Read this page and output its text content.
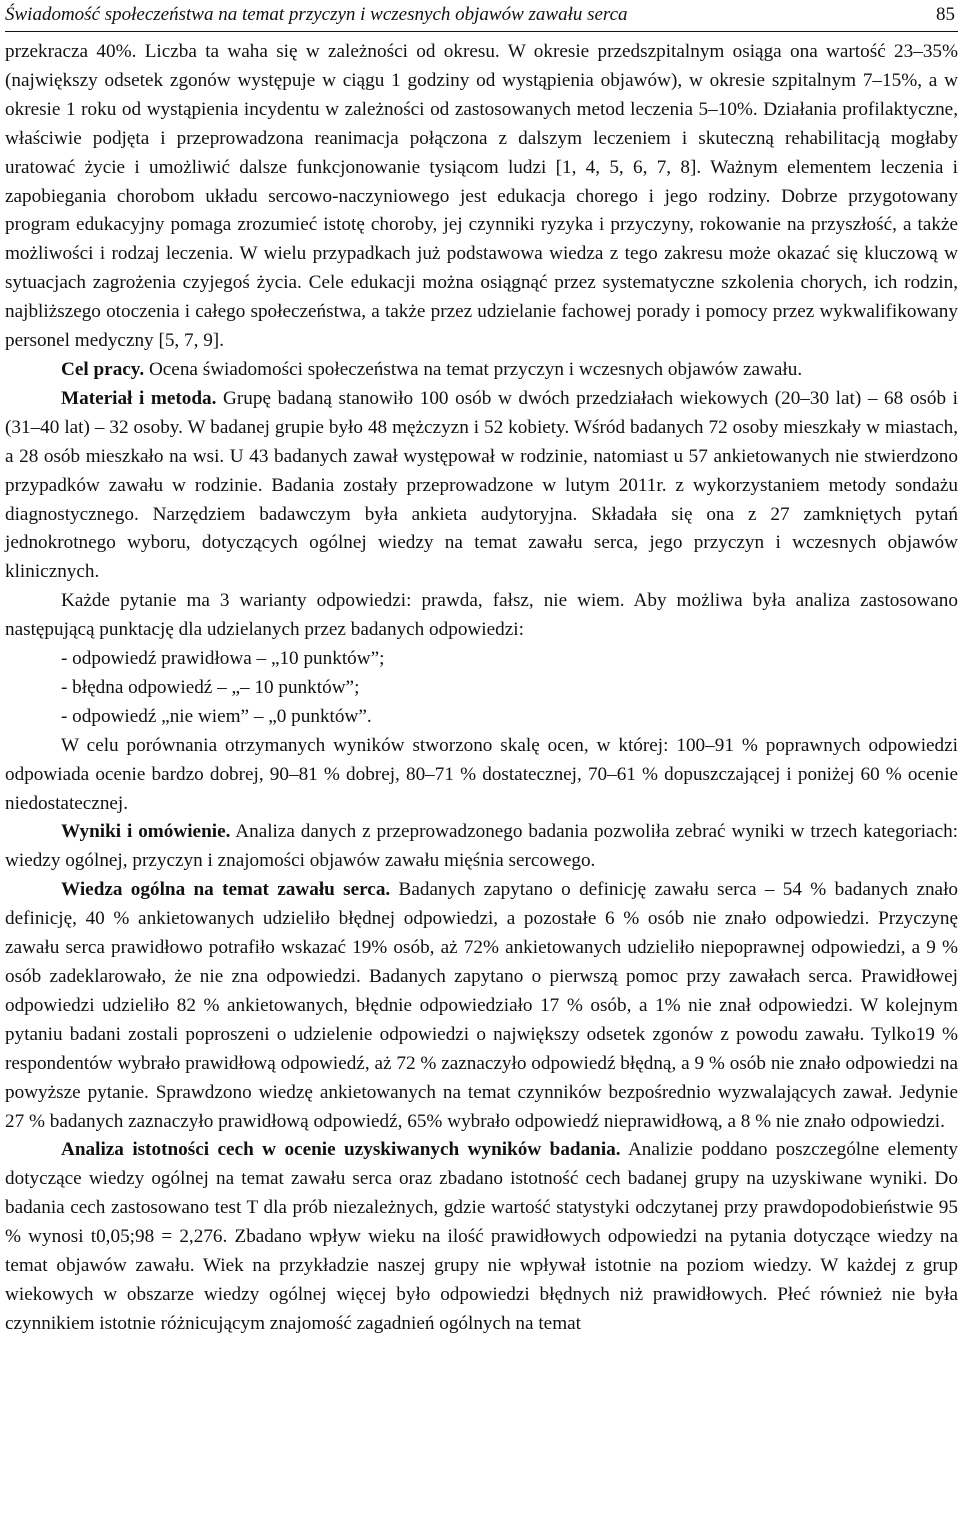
Świadomość społeczeństwa na temat przyczyn i wczesnych objawów zawału serca	85

przekracza 40%. Liczba ta waha się w zależności od okresu. W okresie przedszpitalnym osiąga ona wartość 23–35% (największy odsetek zgonów występuje w ciągu 1 godziny od wystąpienia objawów), w okresie szpitalnym 7–15%, a w okresie 1 roku od wystąpienia incydentu w zależności od zastosowanych metod leczenia 5–10%. Działania profilaktyczne, właściwie podjęta i przeprowadzona reanimacja połączona z dalszym leczeniem i skuteczną rehabilitacją mogłaby uratować życie i umożliwić dalsze funkcjonowanie tysiącom ludzi [1, 4, 5, 6, 7, 8]. Ważnym elementem leczenia i zapobiegania chorobom układu sercowo-naczyniowego jest edukacja chorego i jego rodziny. Dobrze przygotowany program edukacyjny pomaga zrozumieć istotę choroby, jej czynniki ryzyka i przyczyny, rokowanie na przyszłość, a także możliwości i rodzaj leczenia. W wielu przypadkach już podstawowa wiedza z tego zakresu może okazać się kluczową w sytuacjach zagrożenia czyjegoś życia. Cele edukacji można osiągnąć przez systematyczne szkolenia chorych, ich rodzin, najbliższego otoczenia i całego społeczeństwa, a także przez udzielanie fachowej porady i pomocy przez wykwalifikowany personel medyczny [5, 7, 9].

Cel pracy. Ocena świadomości społeczeństwa na temat przyczyn i wczesnych objawów zawału.

Materiał i metoda. Grupę badaną stanowiło 100 osób w dwóch przedziałach wiekowych (20–30 lat) – 68 osób i (31–40 lat) – 32 osoby. W badanej grupie było 48 mężczyzn i 52 kobiety. Wśród badanych 72 osoby mieszkały w miastach, a 28 osób mieszkało na wsi. U 43 badanych zawał występował w rodzinie, natomiast u 57 ankietowanych nie stwierdzono przypadków zawału w rodzinie. Badania zostały przeprowadzone w lutym 2011r. z wykorzystaniem metody sondażu diagnostycznego. Narzędziem badawczym była ankieta audytoryjna. Składała się ona z 27 zamkniętych pytań jednokrotnego wyboru, dotyczących ogólnej wiedzy na temat zawału serca, jego przyczyn i wczesnych objawów klinicznych.

Każde pytanie ma 3 warianty odpowiedzi: prawda, fałsz, nie wiem. Aby możliwa była analiza zastosowano następującą punktację dla udzielanych przez badanych odpowiedzi:

- odpowiedź prawidłowa – „10 punktów”;

- błędna odpowiedź – „– 10 punktów”;

- odpowiedź „nie wiem” – „0 punktów”.

W celu porównania otrzymanych wyników stworzono skalę ocen, w której: 100–91 % poprawnych odpowiedzi odpowiada ocenie bardzo dobrej, 90–81 % dobrej, 80–71 % dostatecznej, 70–61 % dopuszczającej i poniżej 60 % ocenie niedostatecznej.

Wyniki i omówienie. Analiza danych z przeprowadzonego badania pozwoliła zebrać wyniki w trzech kategoriach: wiedzy ogólnej, przyczyn i znajomości objawów zawału mięśnia sercowego.

Wiedza ogólna na temat zawału serca. Badanych zapytano o definicję zawału serca – 54 % badanych znało definicję, 40 % ankietowanych udzieliło błędnej odpowiedzi, a pozostałe 6 % osób nie znało odpowiedzi. Przyczynę zawału serca prawidłowo potrafiło wskazać 19% osób, aż 72% ankietowanych udzieliło niepoprawnej odpowiedzi, a 9 % osób zadeklarowało, że nie zna odpowiedzi. Badanych zapytano o pierwszą pomoc przy zawałach serca. Prawidłowej odpowiedzi udzieliło 82 % ankietowanych, błędnie odpowiedziało 17 % osób, a 1% nie znał odpowiedzi. W kolejnym pytaniu badani zostali poproszeni o udzielenie odpowiedzi o największy odsetek zgonów z powodu zawału. Tylko19 % respondentów wybrało prawidłową odpowiedź, aż 72 % zaznaczyło odpowiedź błędną, a 9 % osób nie znało odpowiedzi na powyższe pytanie. Sprawdzono wiedzę ankietowanych na temat czynników bezpośrednio wyzwalających zawał. Jedynie 27 % badanych zaznaczyło prawidłową odpowiedź, 65% wybrało odpowiedź nieprawidłową, a 8 % nie znało odpowiedzi.

Analiza istotności cech w ocenie uzyskiwanych wyników badania. Analizie poddano poszczególne elementy dotyczące wiedzy ogólnej na temat zawału serca oraz zbadano istotność cech badanej grupy na uzyskiwane wyniki. Do badania cech zastosowano test T dla prób niezależnych, gdzie wartość statystyki odczytanej przy prawdopodobieństwie 95 % wynosi t0,05;98 = 2,276. Zbadano wpływ wieku na ilość prawidłowych odpowiedzi na pytania dotyczące wiedzy na temat objawów zawału. Wiek na przykładzie naszej grupy nie wpływał istotnie na poziom wiedzy. W każdej z grup wiekowych w obszarze wiedzy ogólnej więcej było odpowiedzi błędnych niż prawidłowych. Płeć również nie była czynnikiem istotnie różnicującym znajomość zagadnień ogólnych na temat
